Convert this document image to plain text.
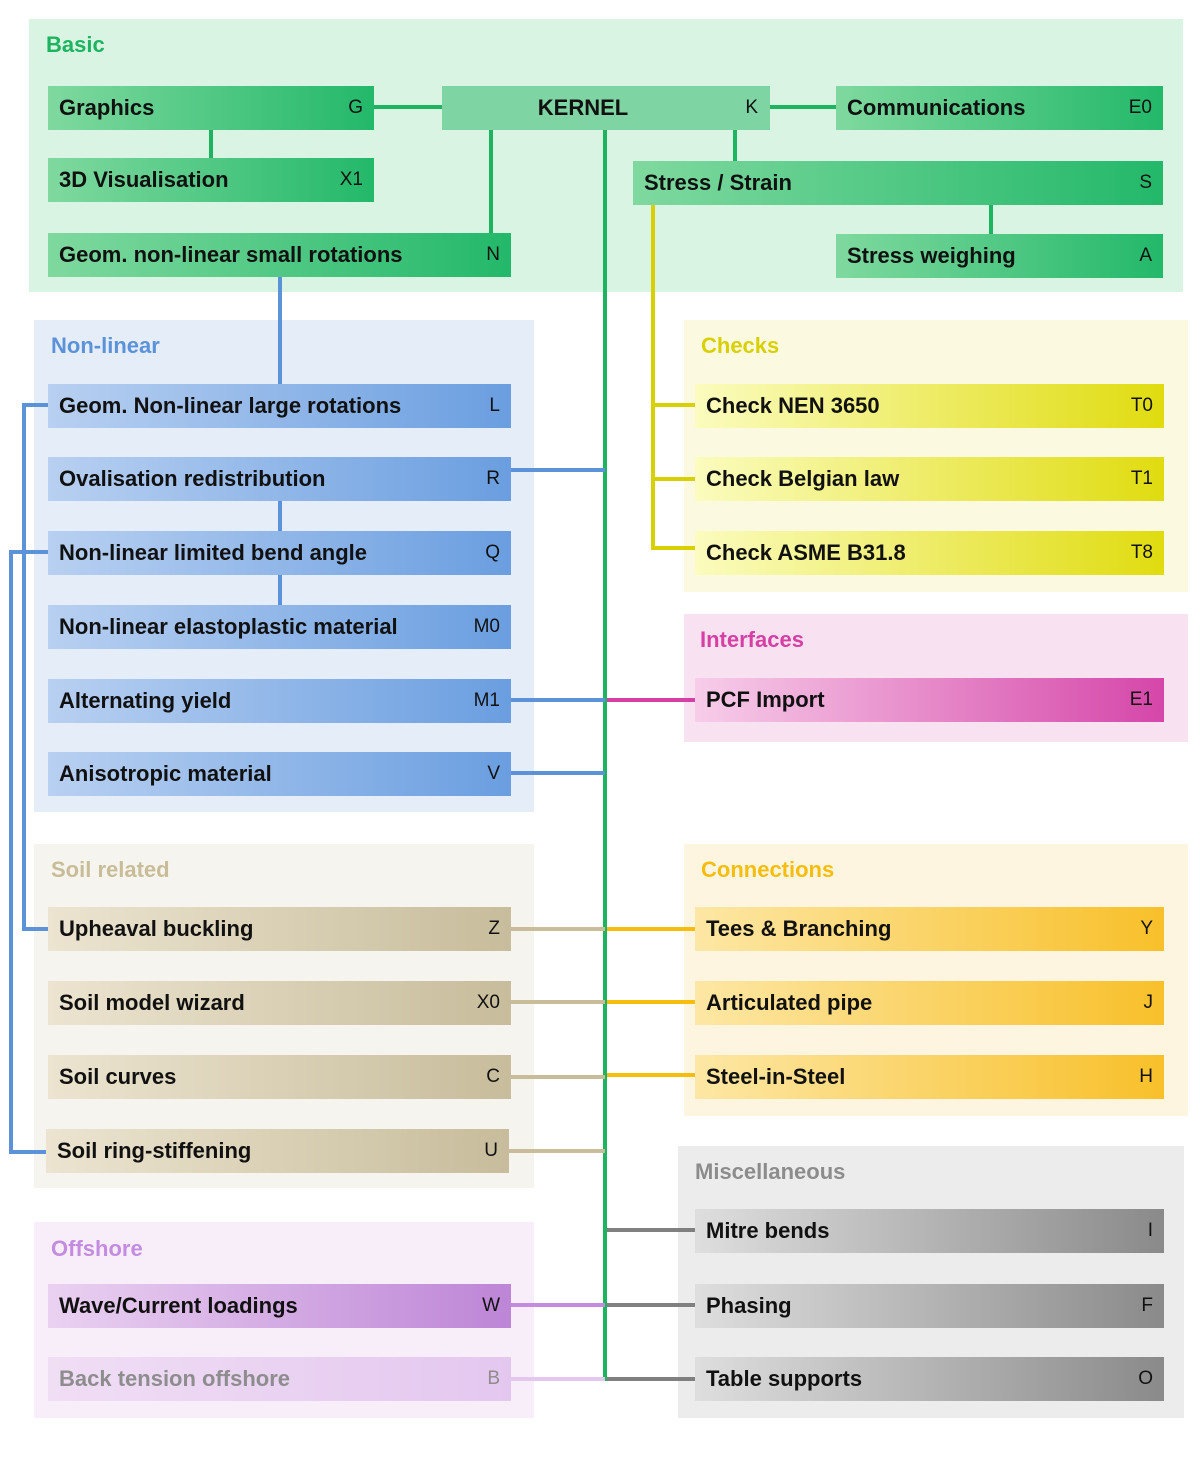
Basic
Non-linear	Checks
Interfaces
Soil related	Connections
Offshore
Miscellaneous
Graphics	G	KERNEL	K	Communications	E0
3D Visualisation	X1	Stress / Strain	S
Geom. non-linear small rotations	N	Stress weighing	A
Geom. Non-linear large rotations	L
Ovalisation redistribution	R
Non-linear limited bend angle	Q
Non-linear elastoplastic material	M0
Alternating yield	M1
Anisotropic material	V
Check NEN 3650	T0
Check Belgian law	T1
Check ASME B31.8	T8
PCF Import	E1
Upheaval buckling	Z
Soil model wizard	X0
Soil curves	C
Soil ring-stiffening	U
Tees & Branching	Y
Articulated pipe	J
Steel-in-Steel	H
Wave/Current loadings	W
Back tension offshore	B
Mitre bends	I
Phasing	F
Table supports	O
